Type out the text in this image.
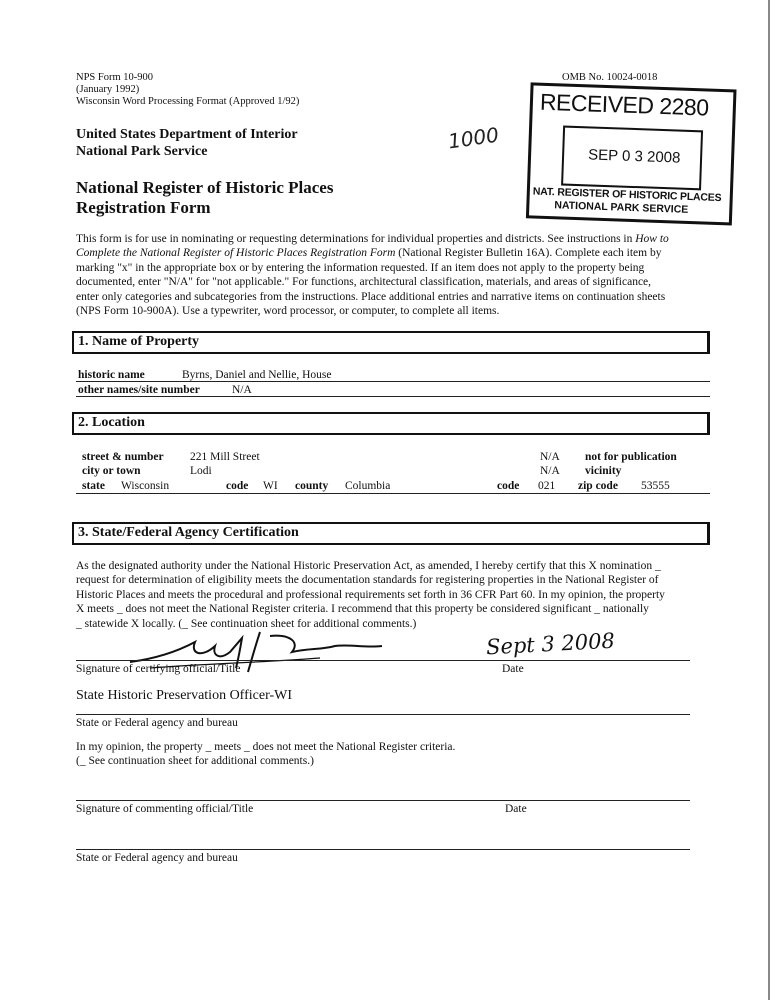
NPS Form 10-900
(January 1992)
Wisconsin Word Processing Format (Approved 1/92)
OMB No. 10024-0018
United States Department of Interior
National Park Service	1000
National Register of Historic Places
Registration Form
RECEIVED 2280
SEP 0 3 2008
NAT. REGISTER OF HISTORIC PLACES
NATIONAL PARK SERVICE
This form is for use in nominating or requesting determinations for individual properties and districts. See instructions in How to
Complete the National Register of Historic Places Registration Form (National Register Bulletin 16A). Complete each item by
marking "x" in the appropriate box or by entering the information requested. If an item does not apply to the property being
documented, enter "N/A" for "not applicable." For functions, architectural classification, materials, and areas of significance,
enter only categories and subcategories from the instructions. Place additional entries and narrative items on continuation sheets
(NPS Form 10-900A). Use a typewriter, word processor, or computer, to complete all items.
1. Name of Property
historic name	Byrns, Daniel and Nellie, House
other names/site number	N/A
2. Location
street & number 221 Mill Street	N/A not for publication
city or town	Lodi	N/A vicinity
state Wisconsin	code WI county Columbia	code 021 zip code 53555
3. State/Federal Agency Certification
As the designated authority under the National Historic Preservation Act, as amended, I hereby certify that this X nomination _
request for determination of eligibility meets the documentation standards for registering properties in the National Register of
Historic Places and meets the procedural and professional requirements set forth in 36 CFR Part 60. In my opinion, the property
X meets _ does not meet the National Register criteria. I recommend that this property be considered significant _ nationally
_ statewide X locally. (_ See continuation sheet for additional comments.)
Sept 3 2008
Signature of certifying official/Title	Date
State Historic Preservation Officer-WI
State or Federal agency and bureau
In my opinion, the property _ meets _ does not meet the National Register criteria.
(_ See continuation sheet for additional comments.)
Signature of commenting official/Title	Date
State or Federal agency and bureau
